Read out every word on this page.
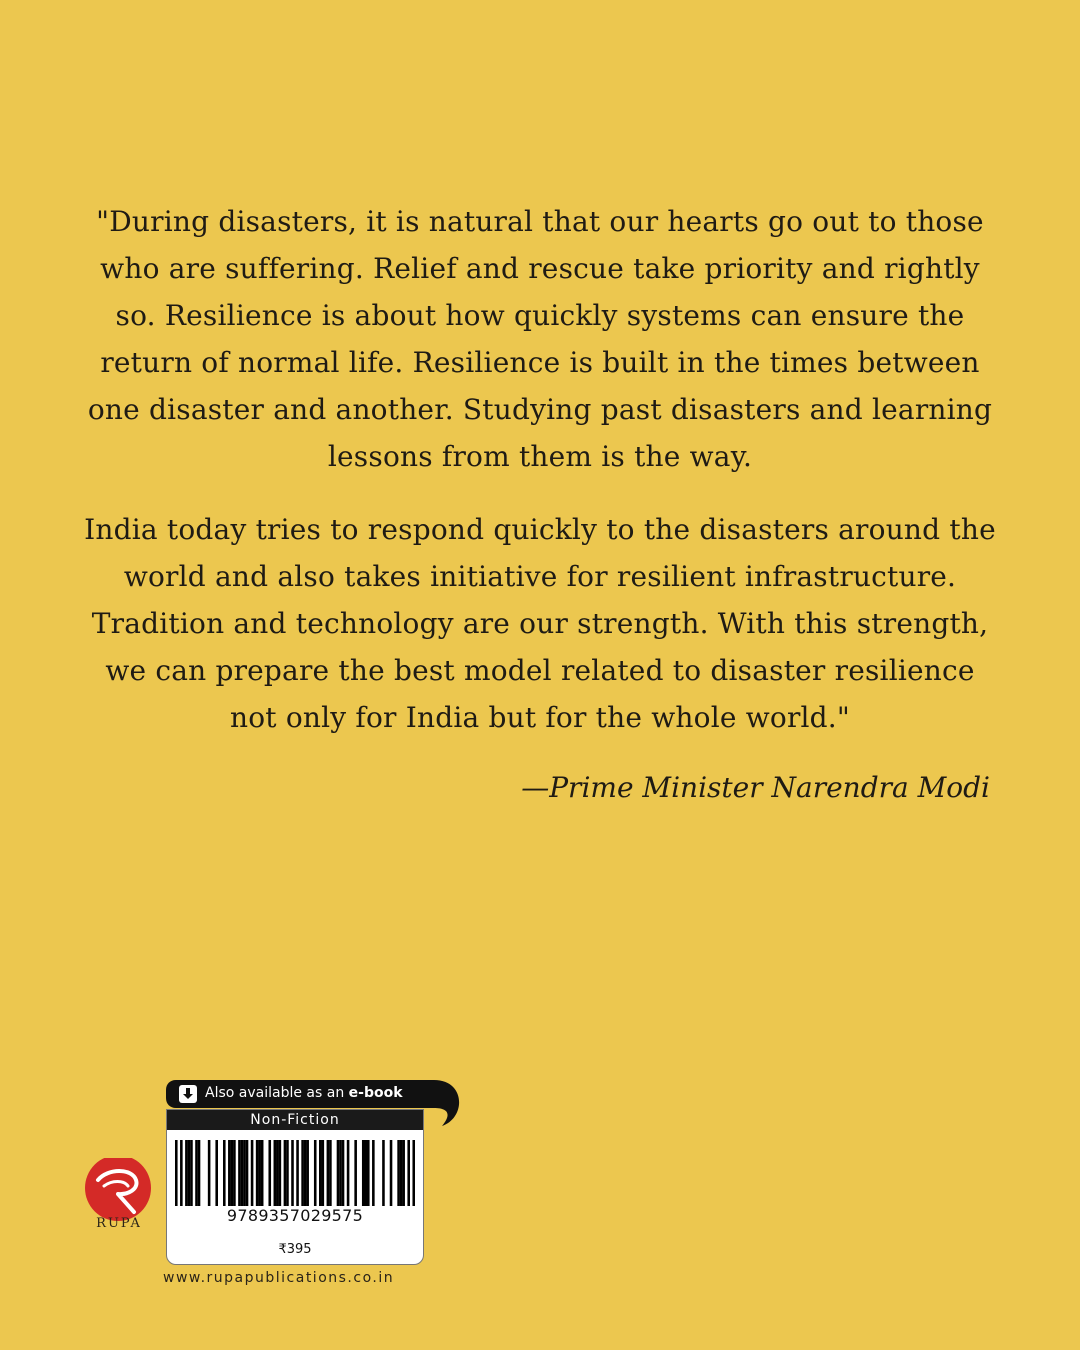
"During disasters, it is natural that our hearts go out to those who are suffering. Relief and rescue take priority and rightly so. Resilience is about how quickly systems can ensure the return of normal life. Resilience is built in the times between one disaster and another. Studying past disasters and learning lessons from them is the way.

India today tries to respond quickly to the disasters around the world and also takes initiative for resilient infrastructure. Tradition and technology are our strength. With this strength, we can prepare the best model related to disaster resilience not only for India but for the whole world."

—Prime Minister Narendra Modi
RUPA
Also available as an e-book
Non-Fiction
9789357029575
₹395
www.rupapublications.co.in
